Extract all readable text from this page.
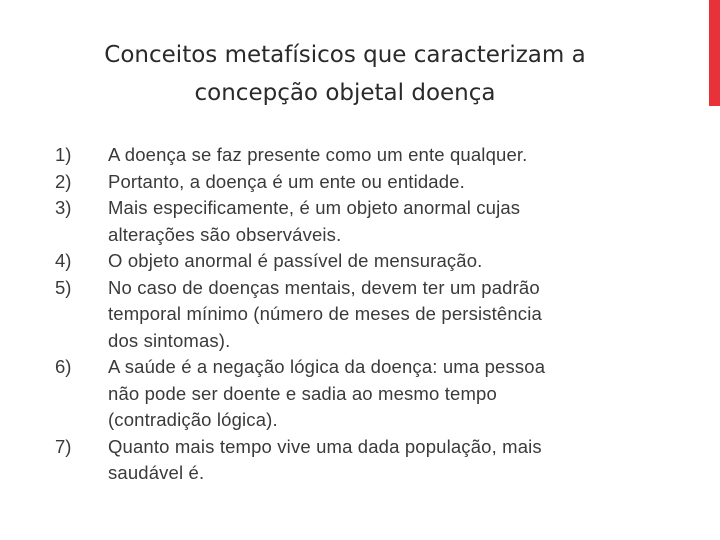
Conceitos metafísicos que caracterizam a
concepção objetal doença
1)	A doença se faz presente como um ente qualquer.
2)	Portanto, a doença é um ente ou entidade.
3)	Mais especificamente, é um objeto anormal cujas
alterações são observáveis.
4)	O objeto anormal é passível de mensuração.
5)	No caso de doenças mentais, devem ter um padrão
temporal mínimo (número de meses de persistência
dos sintomas).
6)	A saúde é a negação lógica da doença: uma pessoa
não pode ser doente e sadia ao mesmo tempo
(contradição lógica).
7)	Quanto mais tempo vive uma dada população, mais
saudável é.
